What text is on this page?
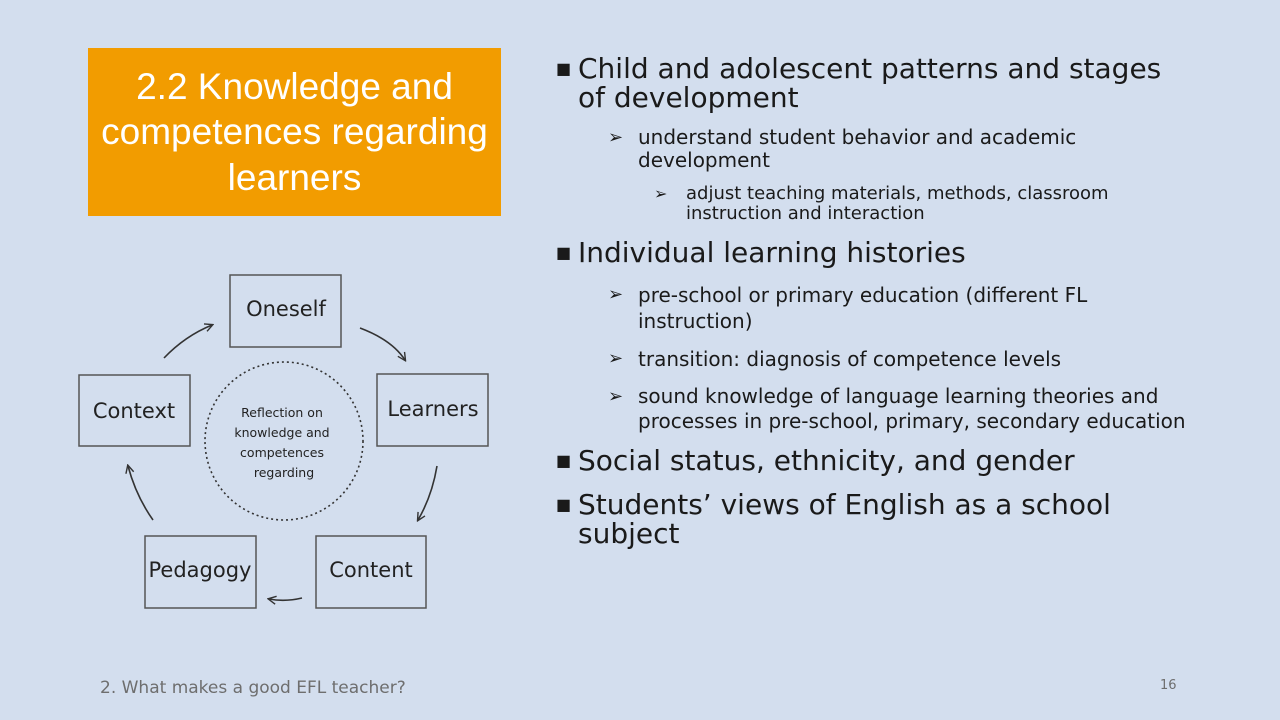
2.2 Knowledge and competences regarding learners
Reflection on knowledge and competences regarding
Oneself
Learners
Content
Pedagogy
Context
■ Child and adolescent patterns and stages of development
➢ understand student behavior and academic development
➢ adjust teaching materials, methods, classroom instruction and interaction
■ Individual learning histories
➢ pre-school or primary education (different FL instruction)
➢ transition: diagnosis of competence levels
➢ sound knowledge of language learning theories and processes in pre-school, primary, secondary education
■ Social status, ethnicity, and gender
■ Students’ views of English as a school subject
2. What makes a good EFL teacher?	16
